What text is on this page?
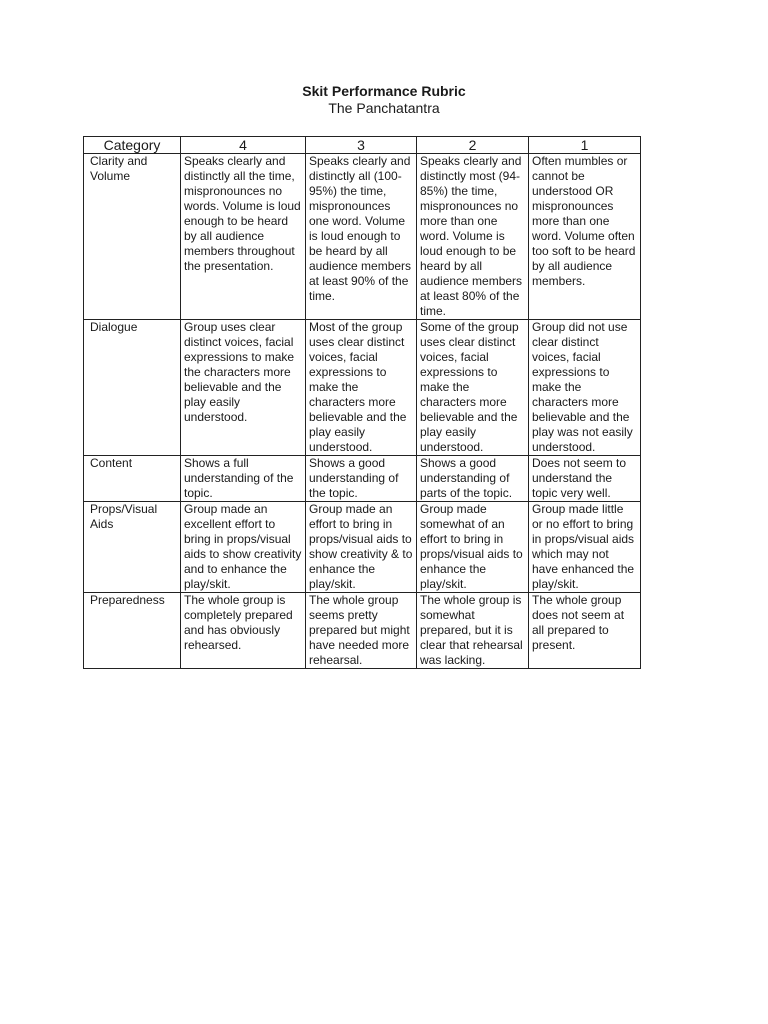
Skit Performance Rubric
The Panchatantra
Category	4	3	2	1
Clarity and Volume	Speaks clearly and distinctly all the time, mispronounces no words. Volume is loud enough to be heard by all audience members throughout the presentation.	Speaks clearly and distinctly all (100-95%) the time, mispronounces one word. Volume is loud enough to be heard by all audience members at least 90% of the time.	Speaks clearly and distinctly most (94-85%) the time, mispronounces no more than one word. Volume is loud enough to be heard by all audience members at least 80% of the time.	Often mumbles or cannot be understood OR mispronounces more than one word. Volume often too soft to be heard by all audience members.
Dialogue	Group uses clear distinct voices, facial expressions to make the characters more believable and the play easily understood.	Most of the group uses clear distinct voices, facial expressions to make the characters more believable and the play easily understood.	Some of the group uses clear distinct voices, facial expressions to make the characters more believable and the play easily understood.	Group did not use clear distinct voices, facial expressions to make the characters more believable and the play was not easily understood.
Content	Shows a full understanding of the topic.	Shows a good understanding of the topic.	Shows a good understanding of parts of the topic.	Does not seem to understand the topic very well.
Props/Visual Aids	Group made an excellent effort to bring in props/visual aids to show creativity and to enhance the play/skit.	Group made an effort to bring in props/visual aids to show creativity & to enhance the play/skit.	Group made somewhat of an effort to bring in props/visual aids to enhance the play/skit.	Group made little or no effort to bring in props/visual aids which may not have enhanced the play/skit.
Preparedness	The whole group is completely prepared and has obviously rehearsed.	The whole group seems pretty prepared but might have needed more rehearsal.	The whole group is somewhat prepared, but it is clear that rehearsal was lacking.	The whole group does not seem at all prepared to present.
